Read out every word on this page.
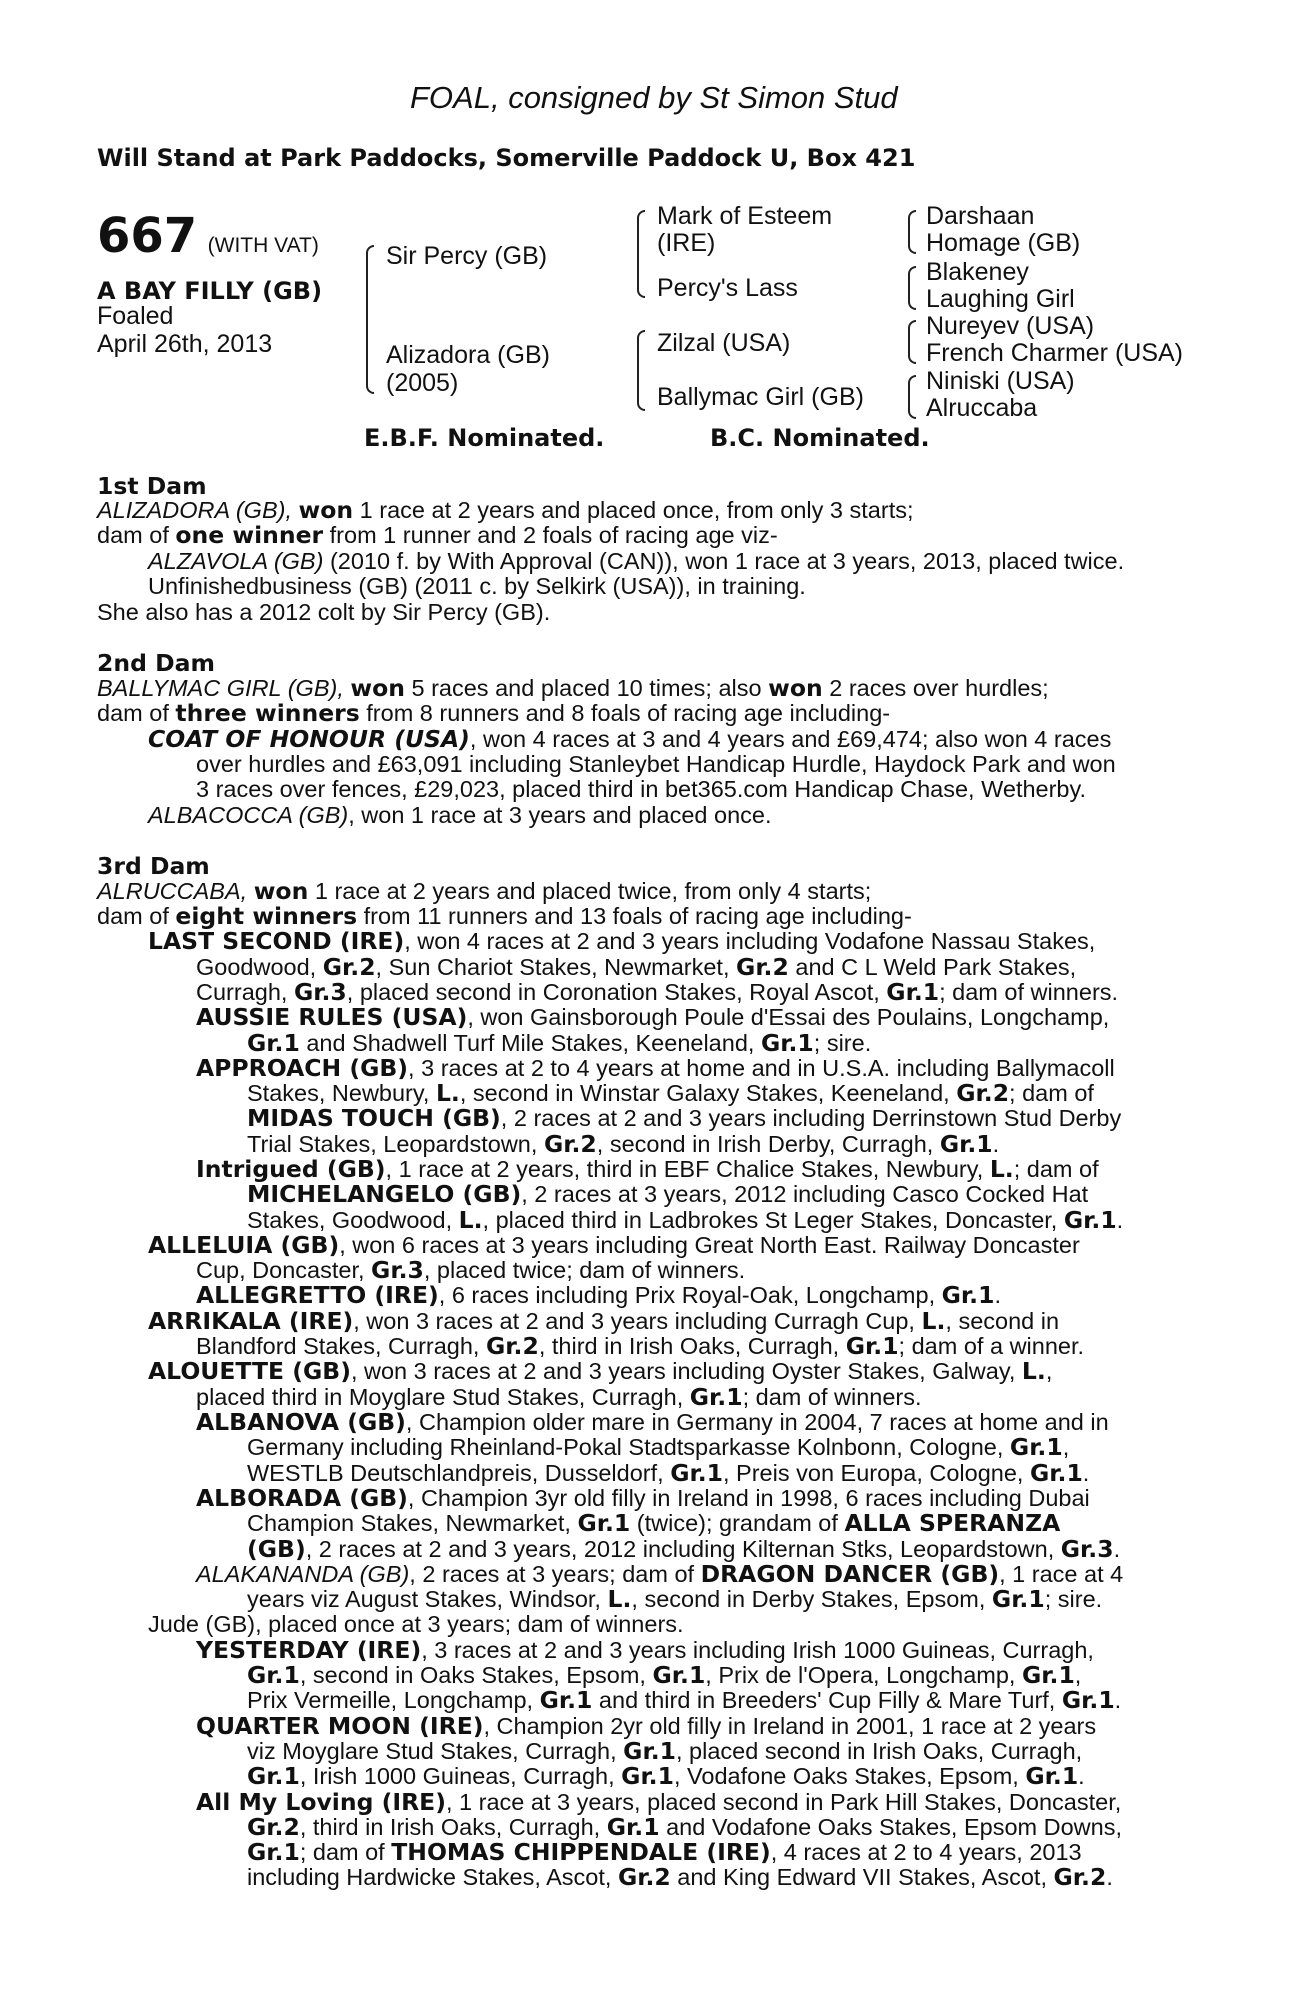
FOAL, consigned by St Simon Stud
Will Stand at Park Paddocks, Somerville Paddock U, Box 421
667 (WITH VAT)
A BAY FILLY (GB)
Foaled
April 26th, 2013
Sir Percy (GB)
Alizadora (GB)
(2005)
Mark of Esteem
(IRE)
Percy's Lass
Zilzal (USA)
Ballymac Girl (GB)
Darshaan
Homage (GB)
Blakeney
Laughing Girl
Nureyev (USA)
French Charmer (USA)
Niniski (USA)
Alruccaba
E.B.F. Nominated.	B.C. Nominated.
1st Dam
ALIZADORA (GB), won 1 race at 2 years and placed once, from only 3 starts;
dam of one winner from 1 runner and 2 foals of racing age viz-
ALZAVOLA (GB) (2010 f. by With Approval (CAN)), won 1 race at 3 years, 2013, placed twice.
Unfinishedbusiness (GB) (2011 c. by Selkirk (USA)), in training.
She also has a 2012 colt by Sir Percy (GB).
2nd Dam
BALLYMAC GIRL (GB), won 5 races and placed 10 times; also won 2 races over hurdles;
dam of three winners from 8 runners and 8 foals of racing age including-
COAT OF HONOUR (USA), won 4 races at 3 and 4 years and £69,474; also won 4 races
over hurdles and £63,091 including Stanleybet Handicap Hurdle, Haydock Park and won
3 races over fences, £29,023, placed third in bet365.com Handicap Chase, Wetherby.
ALBACOCCA (GB), won 1 race at 3 years and placed once.
3rd Dam
ALRUCCABA, won 1 race at 2 years and placed twice, from only 4 starts;
dam of eight winners from 11 runners and 13 foals of racing age including-
LAST SECOND (IRE), won 4 races at 2 and 3 years including Vodafone Nassau Stakes,
Goodwood, Gr.2, Sun Chariot Stakes, Newmarket, Gr.2 and C L Weld Park Stakes,
Curragh, Gr.3, placed second in Coronation Stakes, Royal Ascot, Gr.1; dam of winners.
AUSSIE RULES (USA), won Gainsborough Poule d'Essai des Poulains, Longchamp,
Gr.1 and Shadwell Turf Mile Stakes, Keeneland, Gr.1; sire.
APPROACH (GB), 3 races at 2 to 4 years at home and in U.S.A. including Ballymacoll
Stakes, Newbury, L., second in Winstar Galaxy Stakes, Keeneland, Gr.2; dam of
MIDAS TOUCH (GB), 2 races at 2 and 3 years including Derrinstown Stud Derby
Trial Stakes, Leopardstown, Gr.2, second in Irish Derby, Curragh, Gr.1.
Intrigued (GB), 1 race at 2 years, third in EBF Chalice Stakes, Newbury, L.; dam of
MICHELANGELO (GB), 2 races at 3 years, 2012 including Casco Cocked Hat
Stakes, Goodwood, L., placed third in Ladbrokes St Leger Stakes, Doncaster, Gr.1.
ALLELUIA (GB), won 6 races at 3 years including Great North East. Railway Doncaster
Cup, Doncaster, Gr.3, placed twice; dam of winners.
ALLEGRETTO (IRE), 6 races including Prix Royal-Oak, Longchamp, Gr.1.
ARRIKALA (IRE), won 3 races at 2 and 3 years including Curragh Cup, L., second in
Blandford Stakes, Curragh, Gr.2, third in Irish Oaks, Curragh, Gr.1; dam of a winner.
ALOUETTE (GB), won 3 races at 2 and 3 years including Oyster Stakes, Galway, L.,
placed third in Moyglare Stud Stakes, Curragh, Gr.1; dam of winners.
ALBANOVA (GB), Champion older mare in Germany in 2004, 7 races at home and in
Germany including Rheinland-Pokal Stadtsparkasse Kolnbonn, Cologne, Gr.1,
WESTLB Deutschlandpreis, Dusseldorf, Gr.1, Preis von Europa, Cologne, Gr.1.
ALBORADA (GB), Champion 3yr old filly in Ireland in 1998, 6 races including Dubai
Champion Stakes, Newmarket, Gr.1 (twice); grandam of ALLA SPERANZA
(GB), 2 races at 2 and 3 years, 2012 including Kilternan Stks, Leopardstown, Gr.3.
ALAKANANDA (GB), 2 races at 3 years; dam of DRAGON DANCER (GB), 1 race at 4
years viz August Stakes, Windsor, L., second in Derby Stakes, Epsom, Gr.1; sire.
Jude (GB), placed once at 3 years; dam of winners.
YESTERDAY (IRE), 3 races at 2 and 3 years including Irish 1000 Guineas, Curragh,
Gr.1, second in Oaks Stakes, Epsom, Gr.1, Prix de l'Opera, Longchamp, Gr.1,
Prix Vermeille, Longchamp, Gr.1 and third in Breeders' Cup Filly & Mare Turf, Gr.1.
QUARTER MOON (IRE), Champion 2yr old filly in Ireland in 2001, 1 race at 2 years
viz Moyglare Stud Stakes, Curragh, Gr.1, placed second in Irish Oaks, Curragh,
Gr.1, Irish 1000 Guineas, Curragh, Gr.1, Vodafone Oaks Stakes, Epsom, Gr.1.
All My Loving (IRE), 1 race at 3 years, placed second in Park Hill Stakes, Doncaster,
Gr.2, third in Irish Oaks, Curragh, Gr.1 and Vodafone Oaks Stakes, Epsom Downs,
Gr.1; dam of THOMAS CHIPPENDALE (IRE), 4 races at 2 to 4 years, 2013
including Hardwicke Stakes, Ascot, Gr.2 and King Edward VII Stakes, Ascot, Gr.2.
